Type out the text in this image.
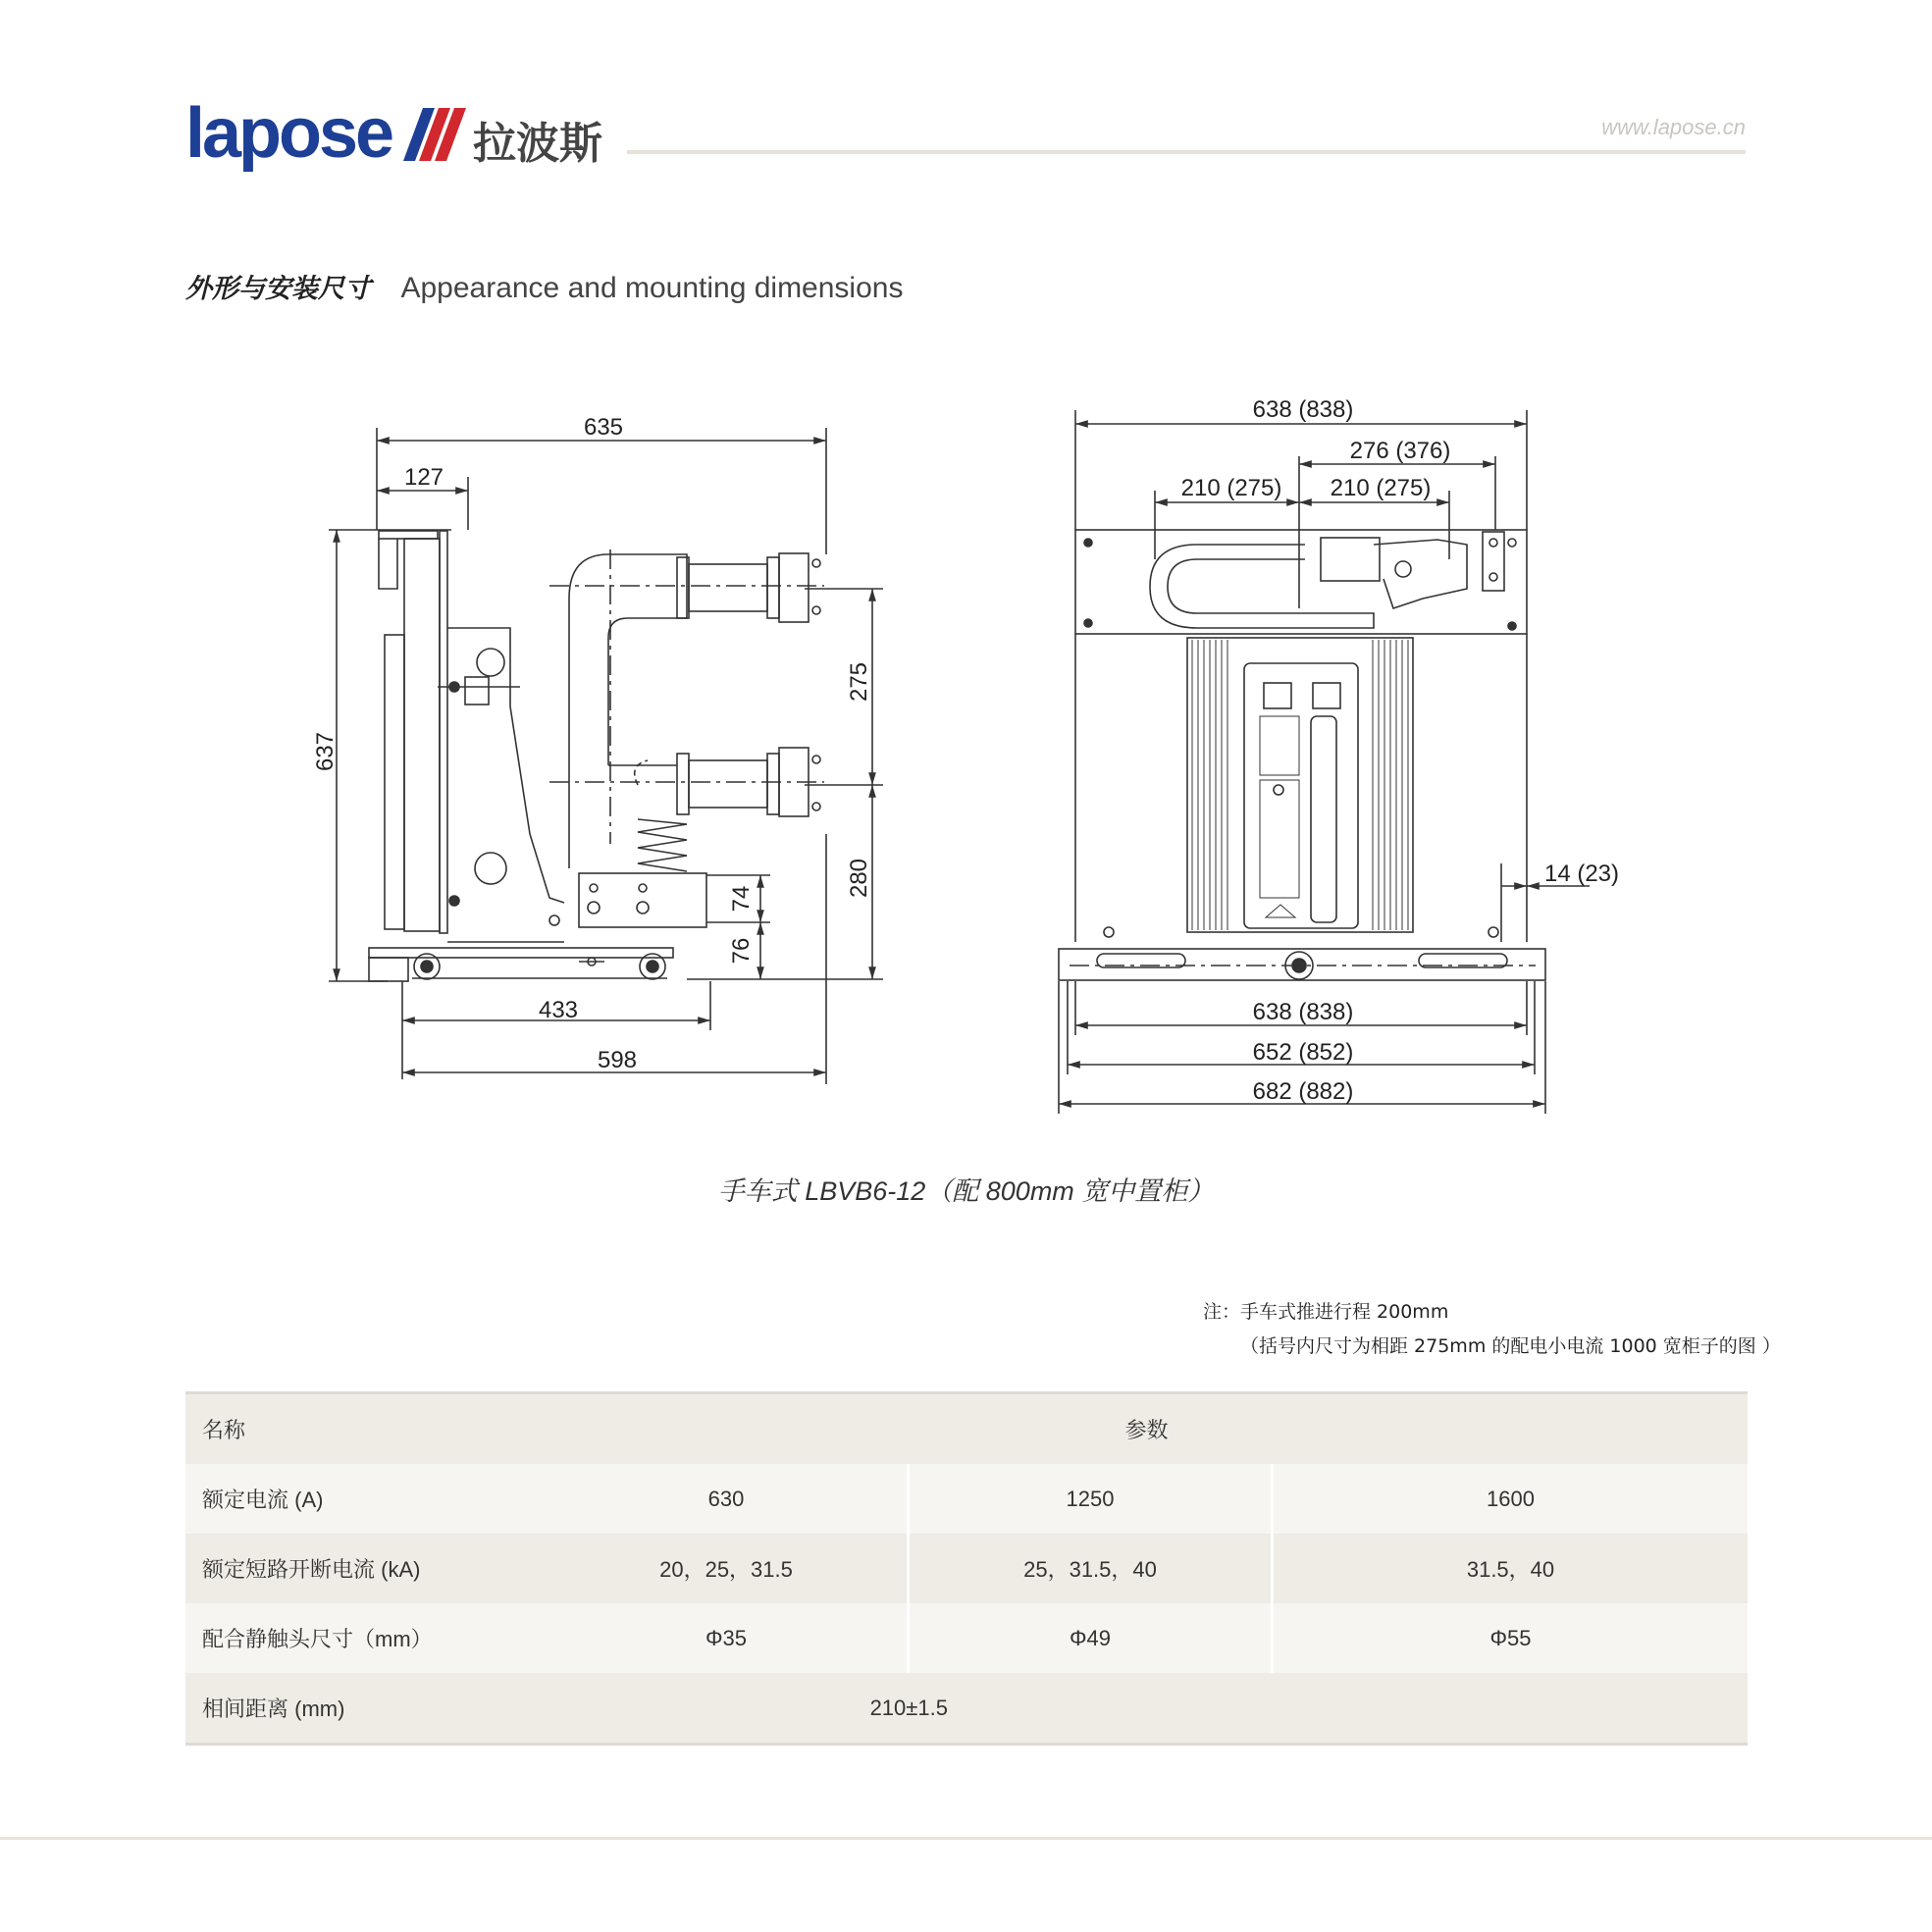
lapose 拉波斯	www.lapose.cn
外形与安装尺寸 Appearance and mounting dimensions
635
127
637
275
280
74
76
433
598
638 (838)
276 (376)
210 (275) 210 (275)
14 (23)
638 (838)
652 (852)
682 (882)
手车式 LBVB6-12（配 800mm 宽中置柜）
注：手车式推进行程 200mm
（括号内尺寸为相距 275mm 的配电小电流 1000 宽柜子的图 ）
名称	参数		
额定电流 (A)	630	1250	1600
额定短路开断电流 (kA)	20，25，31.5	25，31.5，40	31.5，40
配合静触头尺寸（mm）	Φ35	Φ49	Φ55
相间距离 (mm)	210±1.5		
